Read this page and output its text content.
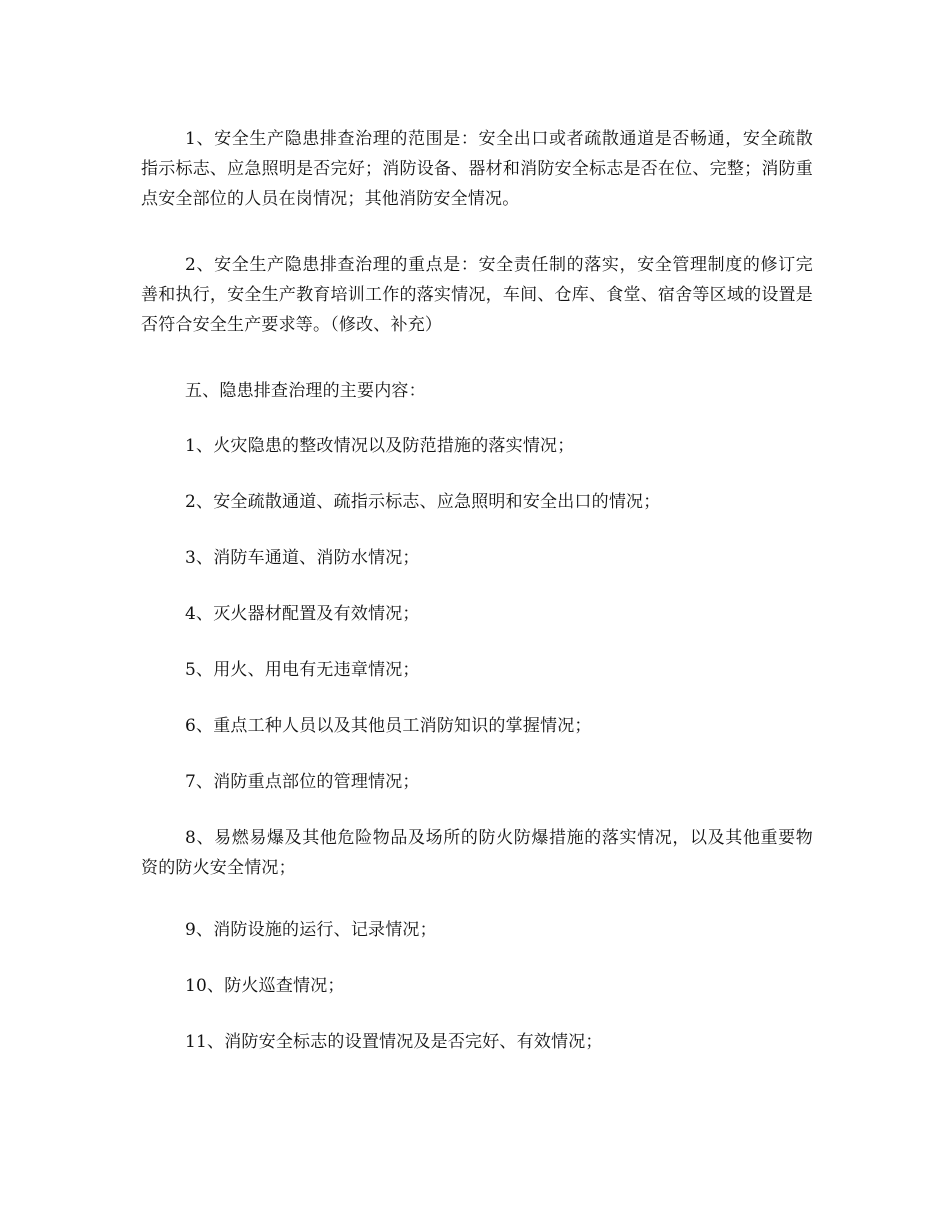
1、安全生产隐患排查治理的范围是：安全出口或者疏散通道是否畅通，安全疏散指示标志、应急照明是否完好；消防设备、器材和消防安全标志是否在位、完整；消防重点安全部位的人员在岗情况；其他消防安全情况。

2、安全生产隐患排查治理的重点是：安全责任制的落实，安全管理制度的修订完善和执行，安全生产教育培训工作的落实情况，车间、仓库、食堂、宿舍等区域的设置是否符合安全生产要求等。（修改、补充）

五、隐患排查治理的主要内容：

1、火灾隐患的整改情况以及防范措施的落实情况；

2、安全疏散通道、疏指示标志、应急照明和安全出口的情况；

3、消防车通道、消防水情况；

4、灭火器材配置及有效情况；

5、用火、用电有无违章情况；

6、重点工种人员以及其他员工消防知识的掌握情况；

7、消防重点部位的管理情况；

8、易燃易爆及其他危险物品及场所的防火防爆措施的落实情况，以及其他重要物资的防火安全情况；

9、消防设施的运行、记录情况；

10、防火巡查情况；

11、消防安全标志的设置情况及是否完好、有效情况；
